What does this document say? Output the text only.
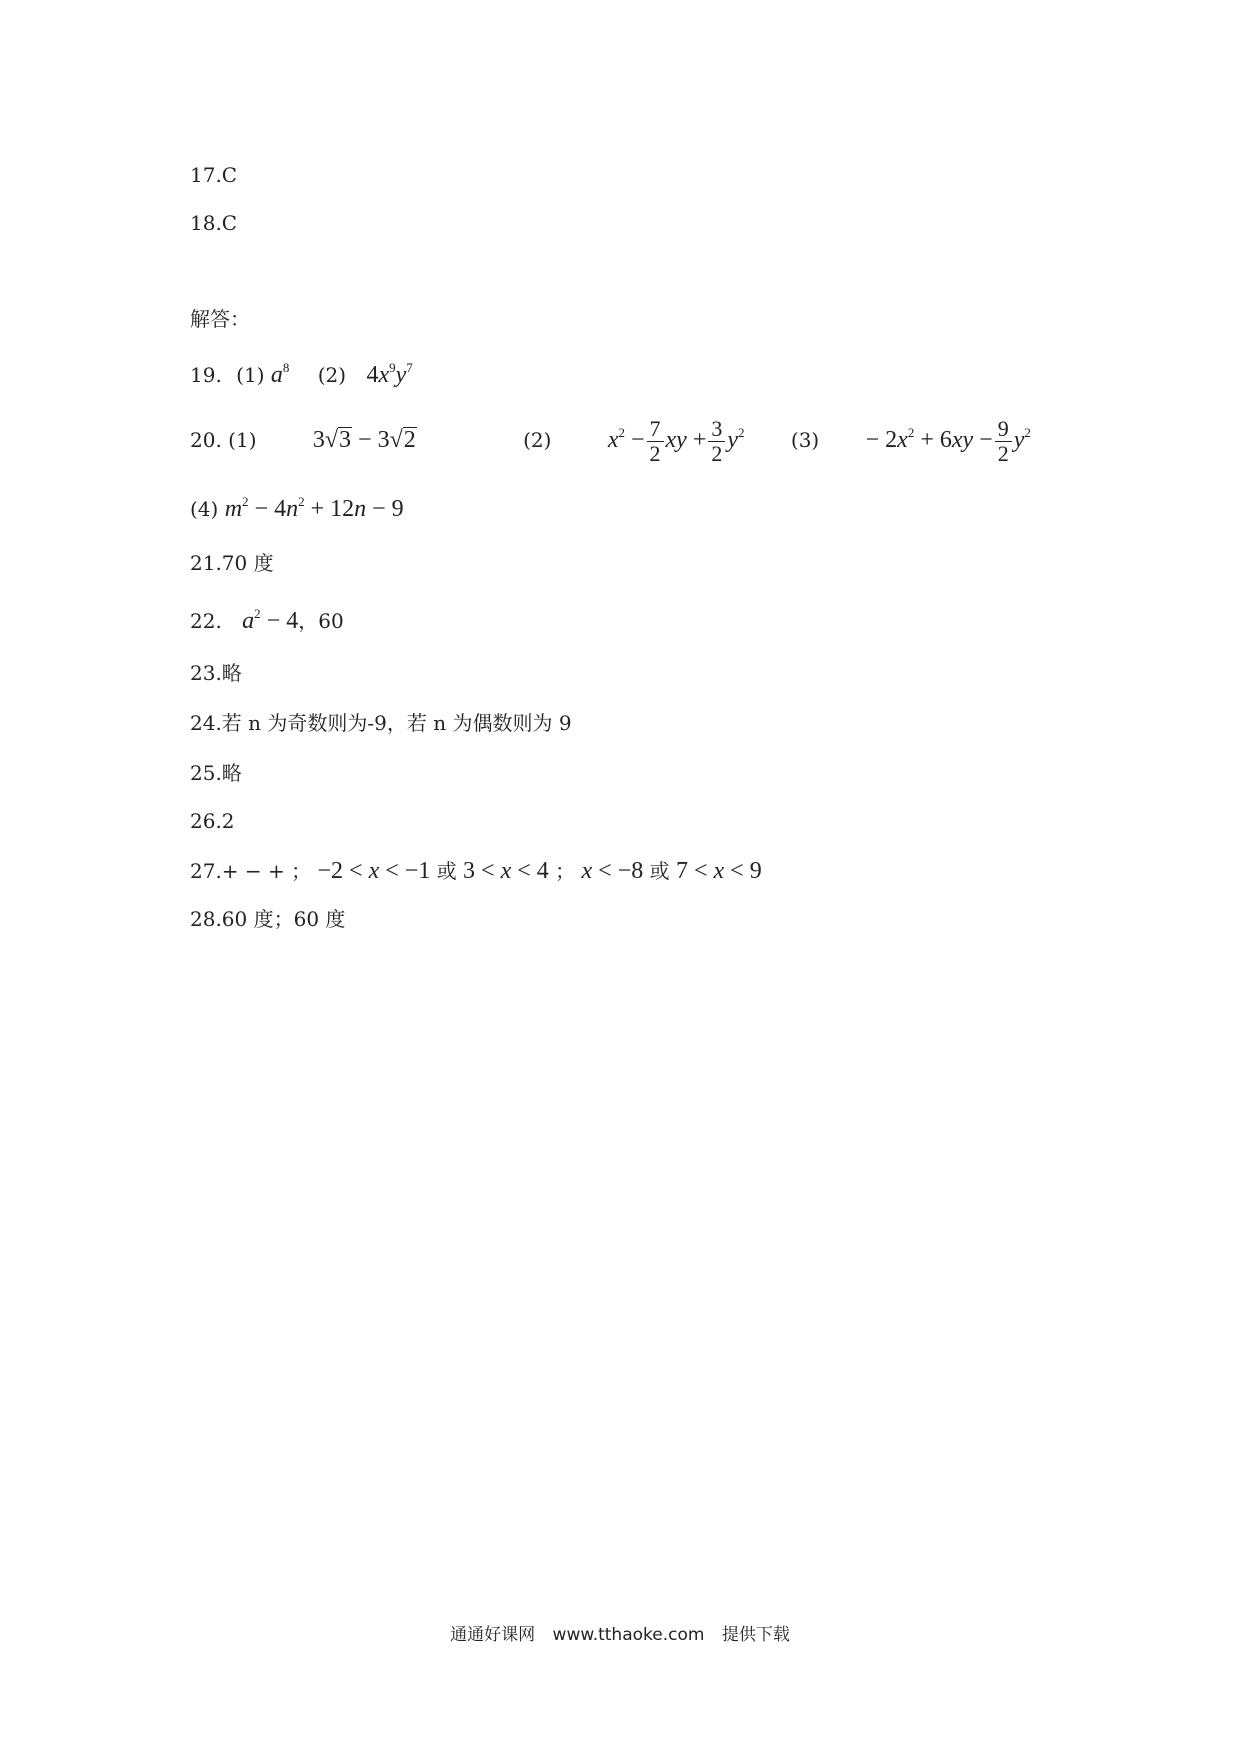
17.C
18.C
解答：
19. (1) $a^8$ (2) $4x^9y^7$
20. (1) 3√3 − 3√2	(2) $x^2 - \frac{7}{2}$ xy + $\frac{3}{2} y^2$ $(3) - 2x^2 + 6xy - \frac{9}{2} y^2$
(4) $m^2 - 4n^2 + 12n - 9$
21.70 度
22. $a^2 - 4$，60
23.略
24.若 n 为奇数则为-9，若 n 为偶数则为 9
25.略
26.2
27.+ − + ； −2 < x < −1 或 3 < x < 4 ； x < −8 或 7 < x < 9
28.60 度；60 度
通通好课网 www.tthaoke.com 提供下载
